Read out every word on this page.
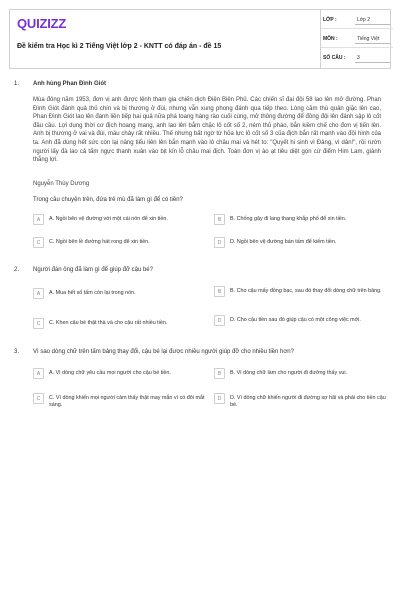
QUIZIZZ
Đề kiểm tra Học kì 2 Tiếng Việt lớp 2 - KNTT có đáp án - đề 15
LỚP :	Lớp 2
MÔN :	Tiếng Việt
SỐ CÂU : 3
1. Anh hùng Phan Đình Giót
Mùa đông năm 1953, đơn vị anh được lệnh tham gia chiến dịch Điện Biên Phủ. Các chiến sĩ đại đội 58 lao lên mở đường. Phan Đình Giót đánh quả thủ chín và bị thương ở đùi, nhưng vẫn xung phong đánh qua tiếp theo. Lòng căm thù quân giặc lên cao, Phan Đình Giót lao lên đánh liền tiếp hai quả nữa phá toang hàng rào cuối cùng, mở thông đường để đồng đội lên đánh sập lô cốt đầu cầu. Lợi dụng thời cơ địch hoang mang, anh lao lên bắm chặc lô cốt số 2, ném thủ pháo, bắn kiềm chế cho đơn vị tiến lên. Anh bị thương ở vai và đùi, máu chảy rất nhiều. Thế nhưng bất ngờ từ hỏa lực lô cốt số 3 của địch bắn rất mạnh vào đội hình của ta. Anh đã dùng hết sức còn lại nâng tiểu liên lên bắn mạnh vào lô châu mai và hét to: "Quyết hi sinh vì Đảng, vì dân!", rồi rướn người lấy đà lao cả tấm ngực thanh xuân vào bịt kín lỗ châu mai địch. Toàn đơn vị ào ạt tiêu diệt gọn cứ điểm Him Lam, giành thắng lợi.
Nguyễn Thùy Dương
Trong câu chuyện trên, đứa trẻ mù đã làm gì để có tiền?
A	A. Ngồi bên vệ đường với một cái nón để xin tiền.	B	B. Chống gậy đi lang thang khắp phố để xin tiền.
C	C. Ngồi bên lề đường hát rong để xin tiền.	D	D. Ngồi bên vệ đường bán tấm để kiếm tiền.
2. Người đàn ông đã làm gì để giúp đỡ cậu bé?
A	A. Mua hết số tấm còn lại trong nón.	B	B. Cho cậu mấy đồng bạc, sau đó thay đổi dòng chữ trên bảng.
C	C. Khen cậu bé thật thà và cho cậu rất nhiều tiền.	D	D. Cho cậu tiền sau đó giúp cậu có một công việc mới.
3. Vì sao dòng chữ trên tấm bảng thay đổi, cậu bé lại được nhiều người giúp đỡ cho nhiều tiền hơn?
A	A. Vì dòng chữ yêu cầu mọi người cho cậu bé tiền.	B	B. Vì dòng chữ làm cho người đi đường thấy vui.
C	C. Vì dòng khiến mọi người cảm thấy thật may mắn vì có đôi mắt sáng.
D	D. Vì dòng chữ khiến người đi đường sợ hãi và phải cho tiền cậu bé.
